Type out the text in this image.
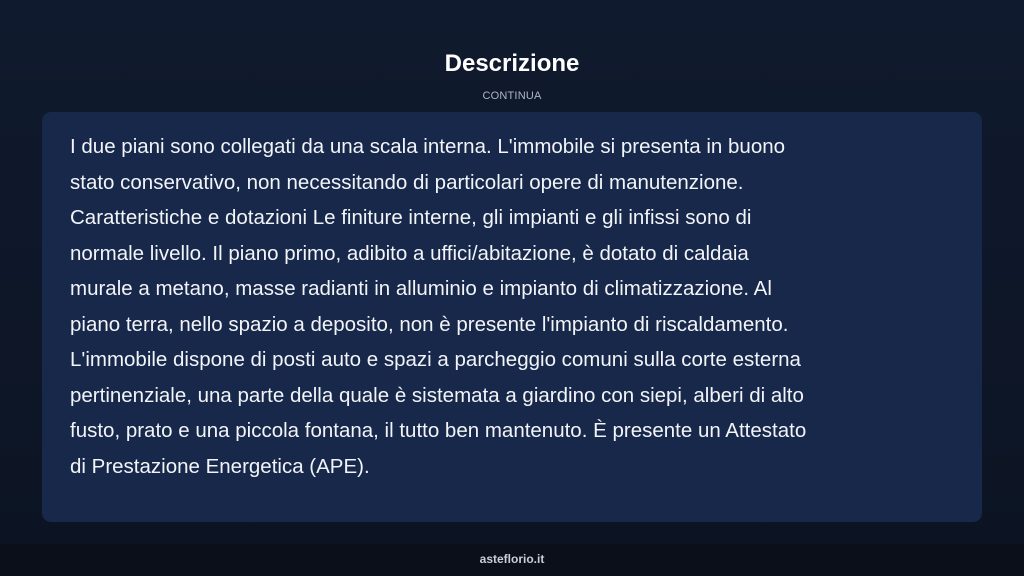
Descrizione
CONTINUA

I due piani sono collegati da una scala interna. L'immobile si presenta in buono
stato conservativo, non necessitando di particolari opere di manutenzione.
Caratteristiche e dotazioni Le finiture interne, gli impianti e gli infissi sono di
normale livello. Il piano primo, adibito a uffici/abitazione, è dotato di caldaia
murale a metano, masse radianti in alluminio e impianto di climatizzazione. Al
piano terra, nello spazio a deposito, non è presente l'impianto di riscaldamento.
L'immobile dispone di posti auto e spazi a parcheggio comuni sulla corte esterna
pertinenziale, una parte della quale è sistemata a giardino con siepi, alberi di alto
fusto, prato e una piccola fontana, il tutto ben mantenuto. È presente un Attestato
di Prestazione Energetica (APE).

asteflorio.it
